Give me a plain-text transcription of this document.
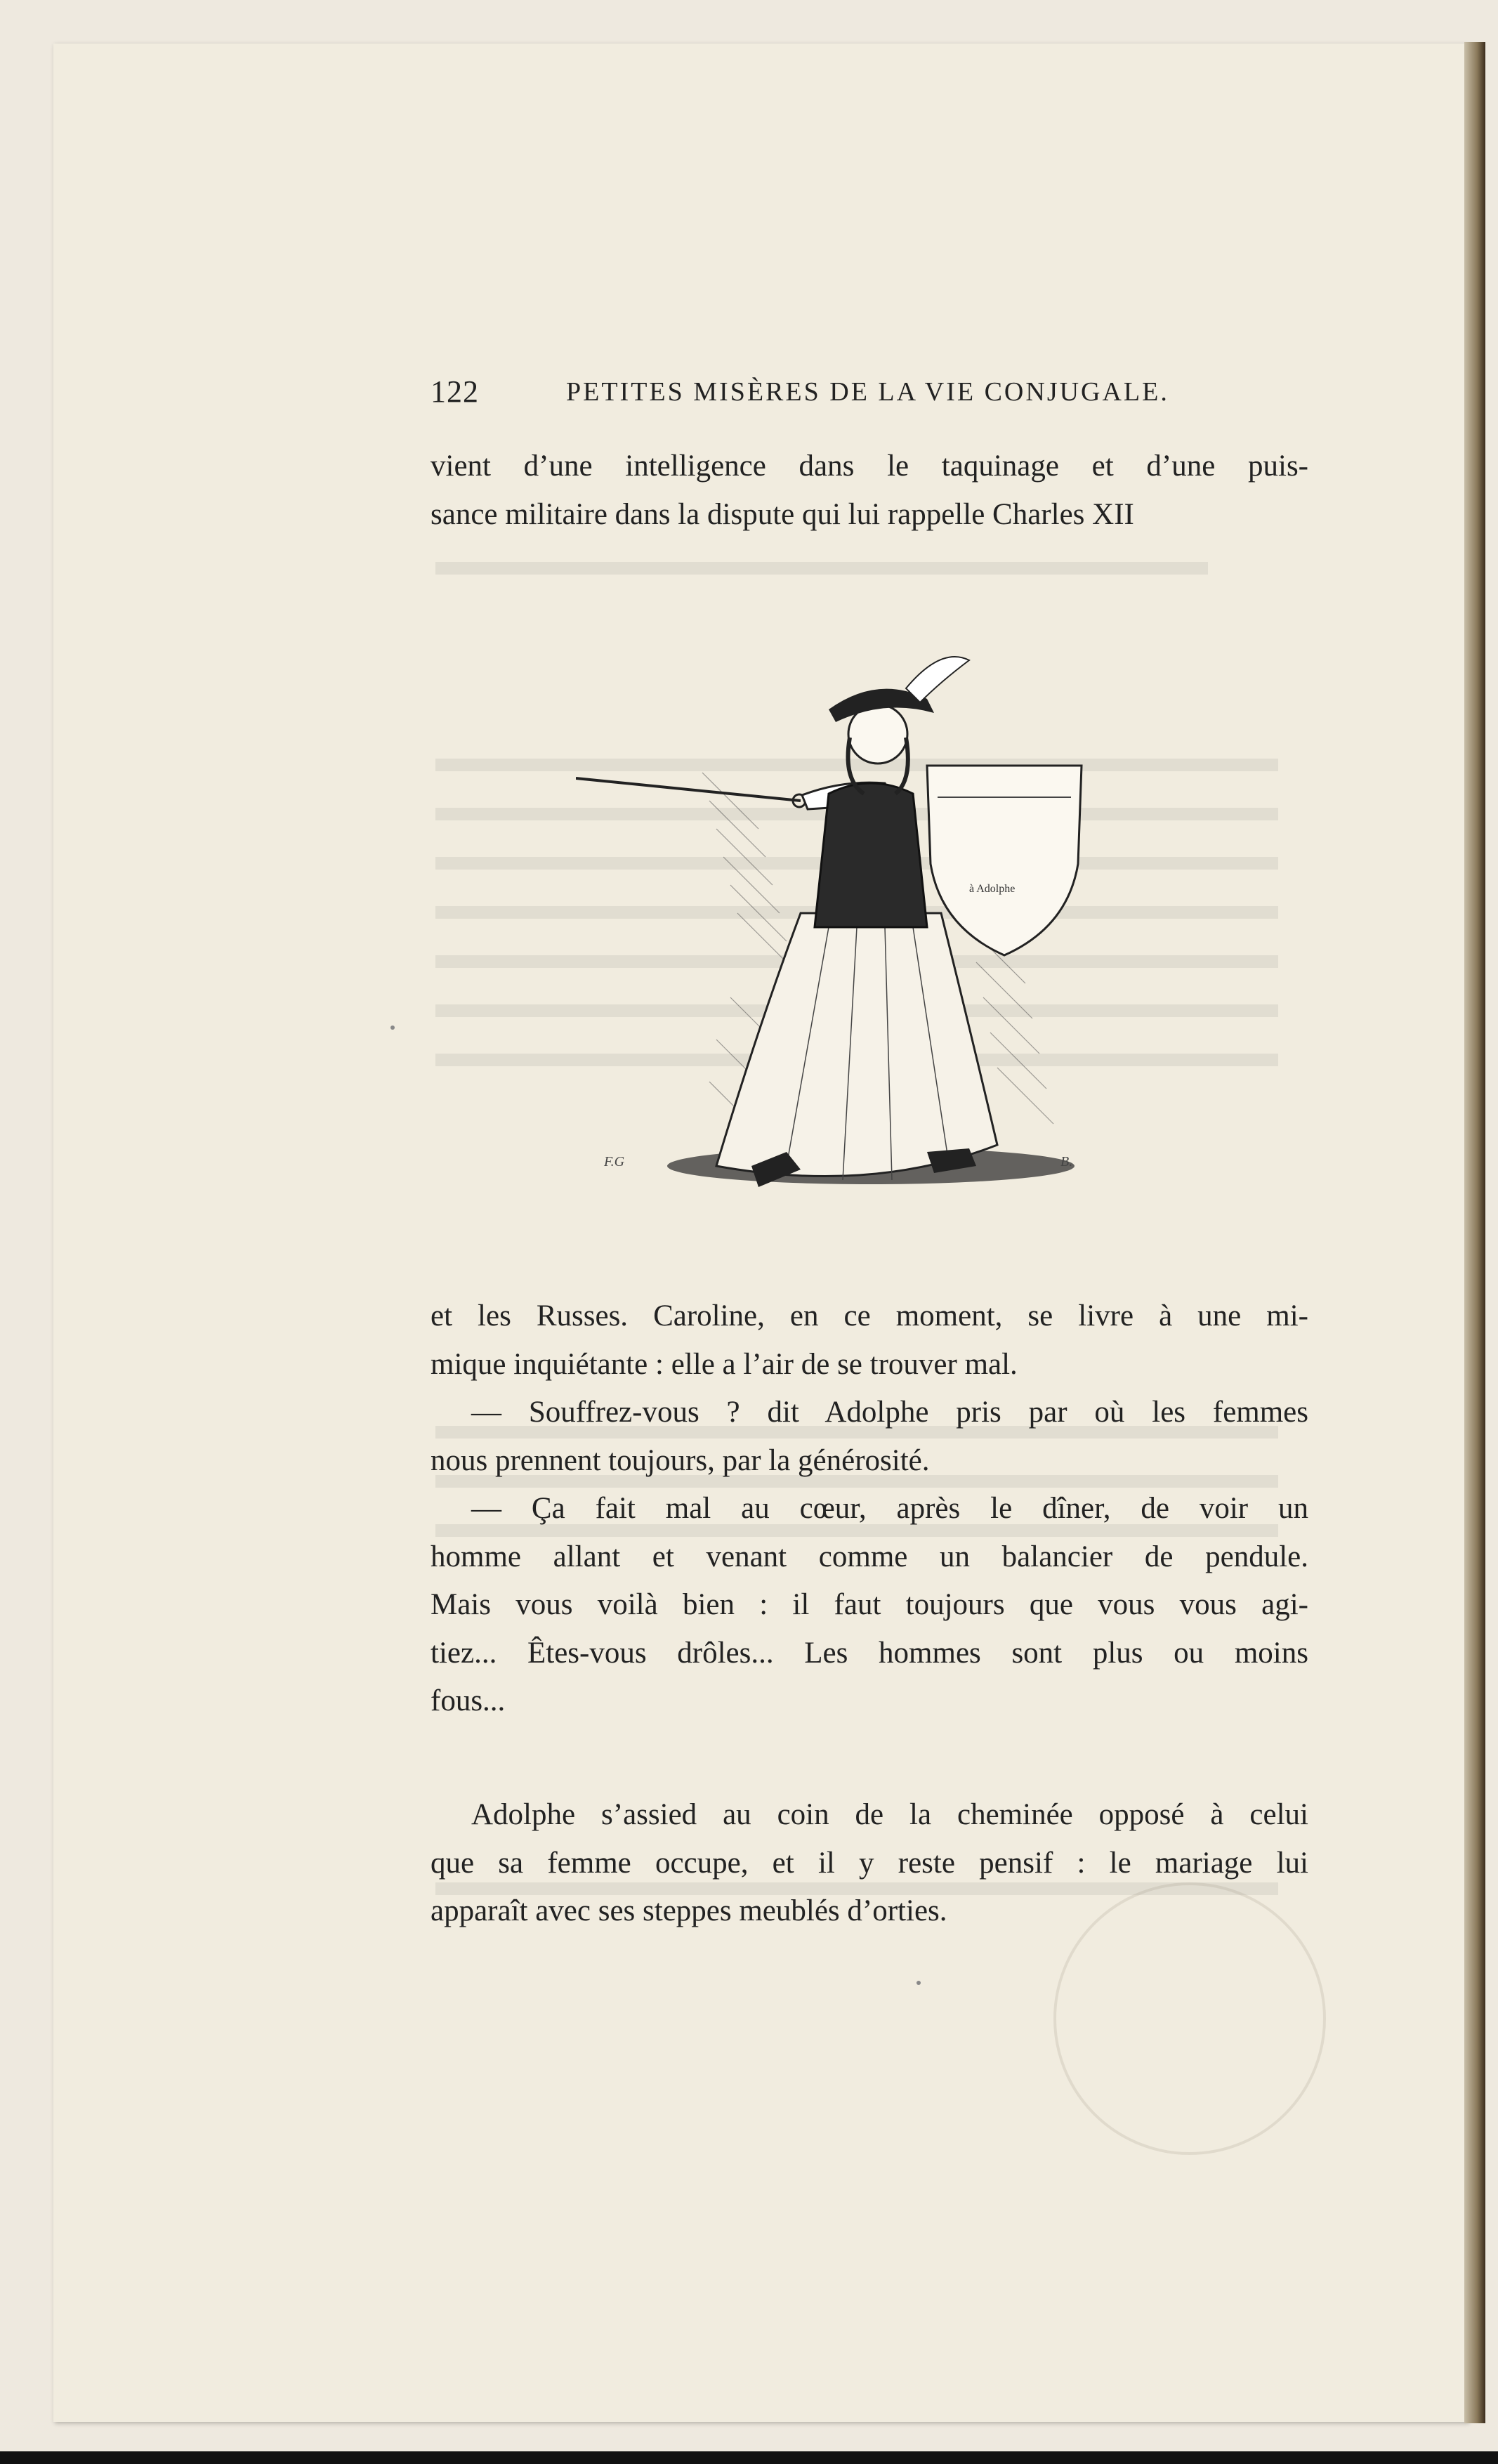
122	PETITES MISÈRES DE LA VIE CONJUGALE.
vient d’une intelligence dans le taquinage et d’une puis-
sance militaire dans la dispute qui lui rappelle Charles XII
à Adolphe
F.G	B.
et les Russes. Caroline, en ce moment, se livre à une mi-
mique inquiétante : elle a l’air de se trouver mal.
— Souffrez-vous ? dit Adolphe pris par où les femmes
nous prennent toujours, par la générosité.
— Ça fait mal au cœur, après le dîner, de voir un
homme allant et venant comme un balancier de pendule.
Mais vous voilà bien : il faut toujours que vous vous agi-
tiez... Êtes-vous drôles... Les hommes sont plus ou moins
fous...
Adolphe s’assied au coin de la cheminée opposé à celui
que sa femme occupe, et il y reste pensif : le mariage lui
apparaît avec ses steppes meublés d’orties.
